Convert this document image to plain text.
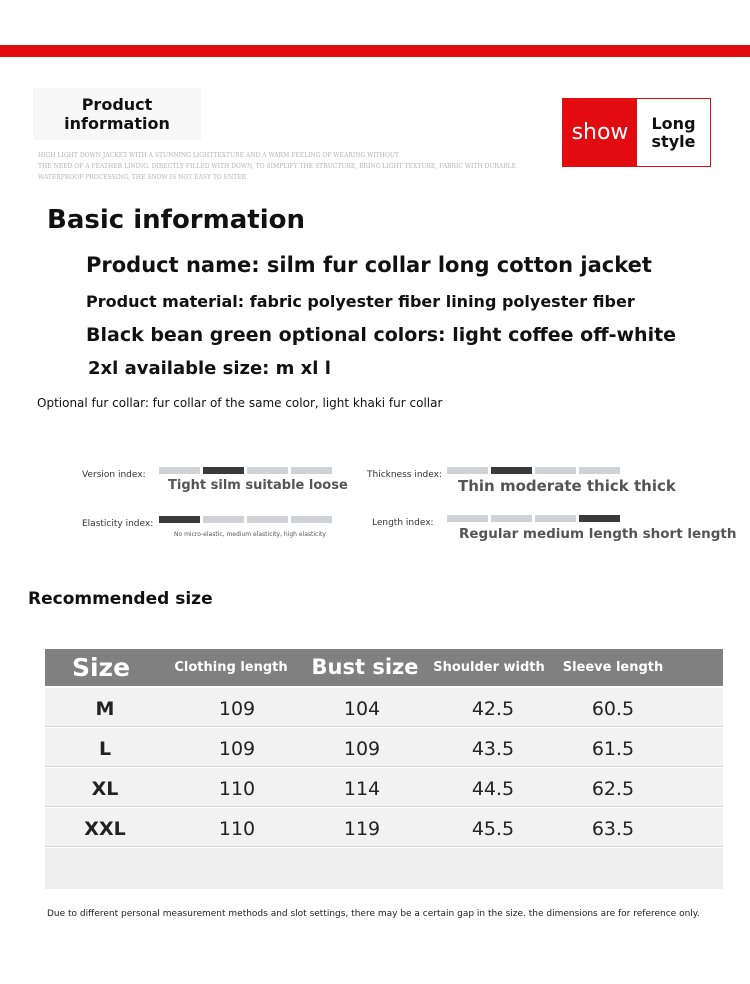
Product
information
HIGH LIGHT DOWN JACKET WITH A STUNNING LIGHTTEXTURE AND A WARM FEELING OF WEARING WITHOUT
THE NEED OF A FEATHER LINING. DIRECTLY FILLED WITH DOWN, TO SIMPLIFY THE STRUCTURE, BRING LIGHT TEXTURE, FABRIC WITH DURABLE
WATERPROOF PROCESSING, THE SNOW IS NOT EASY TO ENTER
show	Long
style
Basic information
Product name: silm fur collar long cotton jacket
Product material: fabric polyester fiber lining polyester fiber
Black bean green optional colors: light coffee off-white
2xl available size: m xl l
Optional fur collar: fur collar of the same color, light khaki fur collar
Version index:
Tight silm suitable loose
Thickness index:
Thin moderate thick thick
Elasticity index:
No micro-elastic, medium elasticity, high elasticity
Length index:
Regular medium length short length
Recommended size
Size	Clothing length	Bust size	Shoulder width	Sleeve length
M	109	104	42.5	60.5
L	109	109	43.5	61.5
XL	110	114	44.5	62.5
XXL	110	119	45.5	63.5
Due to different personal measurement methods and slot settings, there may be a certain gap in the size. the dimensions are for reference only.
